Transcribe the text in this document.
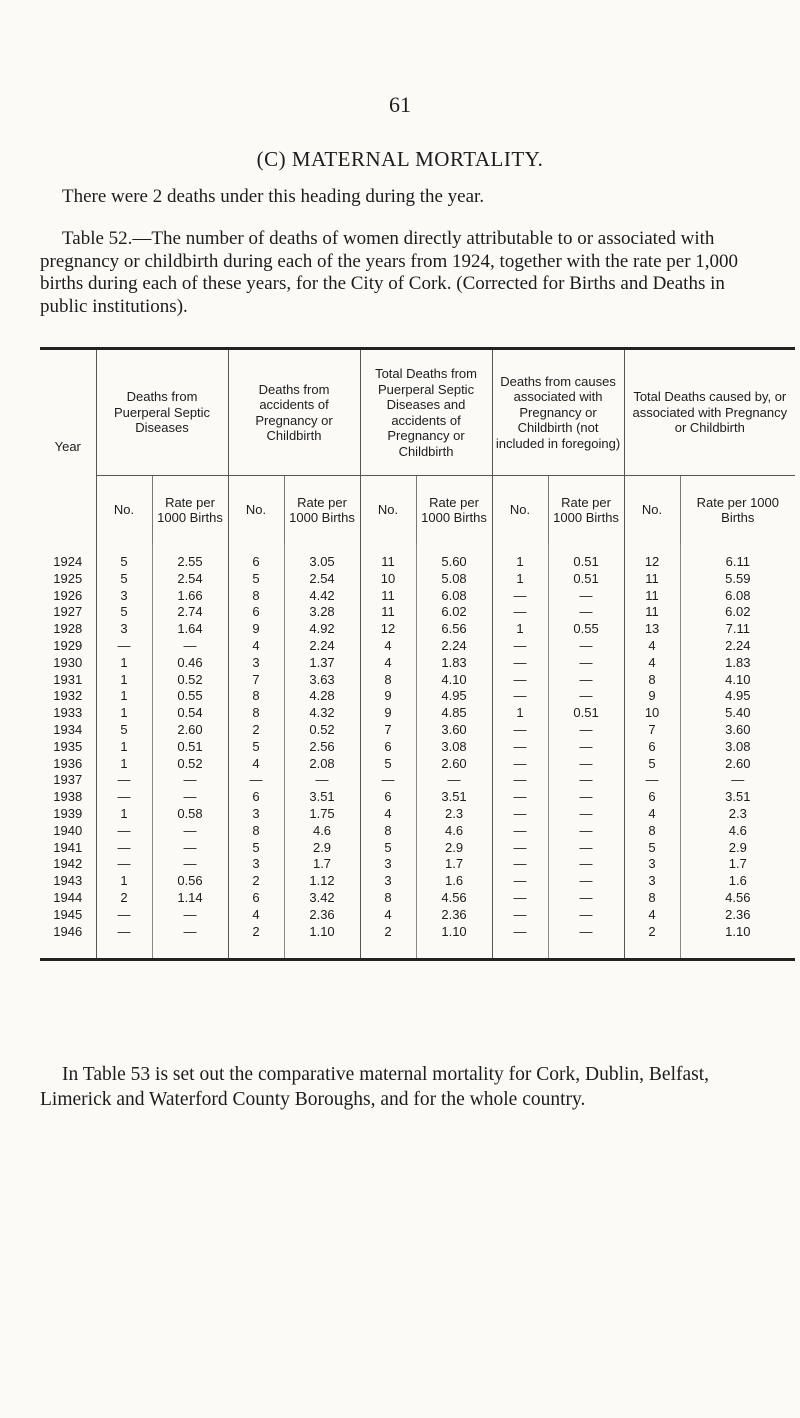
61
(C) MATERNAL MORTALITY.
There were 2 deaths under this heading during the year.
Table 52.—The number of deaths of women directly attributable to or associated with pregnancy or childbirth during each of the years from 1924, together with the rate per 1,000 births during each of these years, for the City of Cork. (Corrected for Births and Deaths in public institutions).
Year	Deaths from Puerperal Septic Diseases		Deaths from accidents of Pregnancy or Childbirth		Total Deaths from Puerperal Septic Diseases and accidents of Pregnancy or Childbirth		Deaths from causes associated with Pregnancy or Childbirth (not included in foregoing)		Total Deaths caused by, or associated with Pregnancy or Childbirth	
	No.	Rate per 1000 Births	No.	Rate per 1000 Births	No.	Rate per 1000 Births	No.	Rate per 1000 Births	No.	Rate per 1000 Births
1924	5	2.55	6	3.05	11	5.60	1	0.51	12	6.11
1925	5	2.54	5	2.54	10	5.08	1	0.51	11	5.59
1926	3	1.66	8	4.42	11	6.08	—	—	11	6.08
1927	5	2.74	6	3.28	11	6.02	—	—	11	6.02
1928	3	1.64	9	4.92	12	6.56	1	0.55	13	7.11
1929	—	—	4	2.24	4	2.24	—	—	4	2.24
1930	1	0.46	3	1.37	4	1.83	—	—	4	1.83
1931	1	0.52	7	3.63	8	4.10	—	—	8	4.10
1932	1	0.55	8	4.28	9	4.95	—	—	9	4.95
1933	1	0.54	8	4.32	9	4.85	1	0.51	10	5.40
1934	5	2.60	2	0.52	7	3.60	—	—	7	3.60
1935	1	0.51	5	2.56	6	3.08	—	—	6	3.08
1936	1	0.52	4	2.08	5	2.60	—	—	5	2.60
1937	—	—	—	—	—	—	—	—	—	—
1938	—	—	6	3.51	6	3.51	—	—	6	3.51
1939	1	0.58	3	1.75	4	2.3	—	—	4	2.3
1940	—	—	8	4.6	8	4.6	—	—	8	4.6
1941	—	—	5	2.9	5	2.9	—	—	5	2.9
1942	—	—	3	1.7	3	1.7	—	—	3	1.7
1943	1	0.56	2	1.12	3	1.6	—	—	3	1.6
1944	2	1.14	6	3.42	8	4.56	—	—	8	4.56
1945	—	—	4	2.36	4	2.36	—	—	4	2.36
1946	—	—	2	1.10	2	1.10	—	—	2	1.10
In Table 53 is set out the comparative maternal mortality for Cork, Dublin, Belfast, Limerick and Waterford County Boroughs, and for the whole country.
